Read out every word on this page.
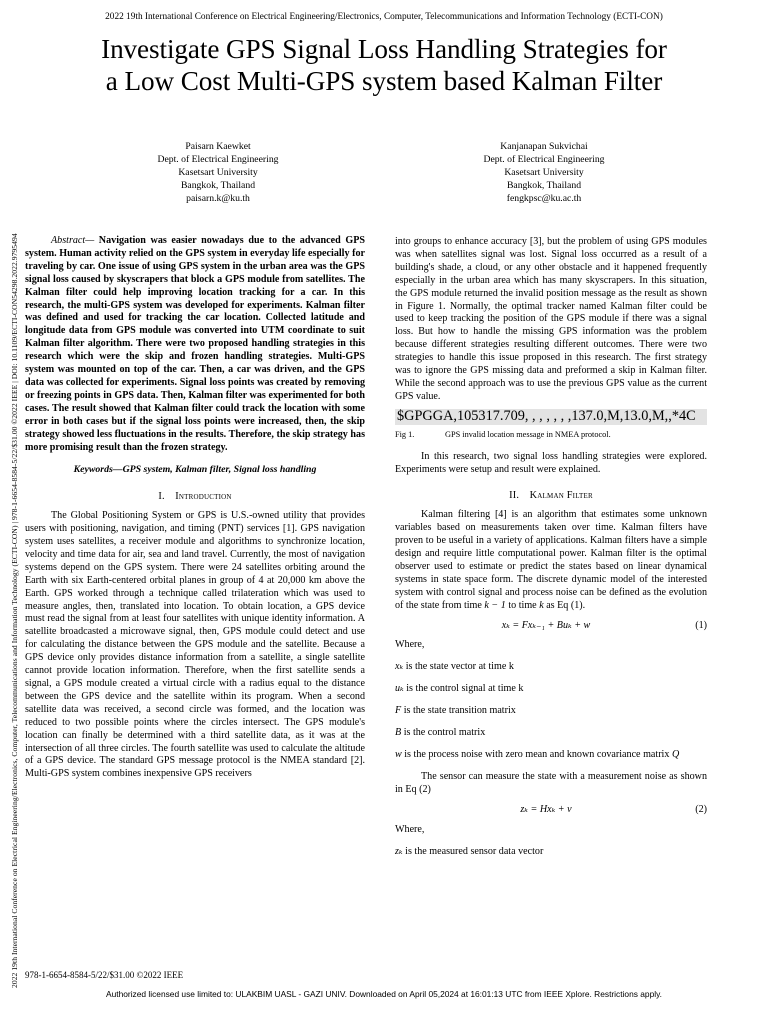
2022 19th International Conference on Electrical Engineering/Electronics, Computer, Telecommunications and Information Technology (ECTI-CON)
2022 19th International Conference on Electrical Engineering/Electronics, Computer, Telecommunications and Information Technology (ECTI-CON) | 978-1-6654-8584-5/22/$31.00 ©2022 IEEE | DOI: 10.1109/ECTI-CON54298.2022.9795494
Investigate GPS Signal Loss Handling Strategies for
a Low Cost Multi-GPS system based Kalman Filter
Paisarn Kaewket
Dept. of Electrical Engineering
Kasetsart University
Bangkok, Thailand
paisarn.k@ku.th
Kanjanapan Sukvichai
Dept. of Electrical Engineering
Kasetsart University
Bangkok, Thailand
fengkpsc@ku.ac.th

Abstract— Navigation was easier nowadays due to the advanced GPS system. Human activity relied on the GPS system in everyday life especially for traveling by car. One issue of using GPS system in the urban area was the GPS signal loss caused by skyscrapers that block a GPS module from satellites. The Kalman filter could help improving location tracking for a car. In this research, the multi-GPS system was developed for experiments. Kalman filter was defined and used for tracking the car location. Collected latitude and longitude data from GPS module was converted into UTM coordinate to suit Kalman filter algorithm. There were two proposed handling strategies in this research which were the skip and frozen handling strategies. Multi-GPS system was mounted on top of the car. Then, a car was driven, and the GPS data was collected for experiments. Signal loss points was created by removing or freezing points in GPS data. Then, Kalman filter was experimented for both cases. The result showed that Kalman filter could track the location with some error in both cases but if the signal loss points were increased, then, the skip strategy showed less fluctuations in the results. Therefore, the skip strategy has more promising result than the frozen strategy.

Keywords—GPS system, Kalman filter, Signal loss handling

I. Introduction

The Global Positioning System or GPS is U.S.-owned utility that provides users with positioning, navigation, and timing (PNT) services [1]. GPS navigation system uses satellites, a receiver module and algorithms to synchronize location, velocity and time data for air, sea and land travel. Currently, the most of navigation systems depend on the GPS system. There were 24 satellites orbiting around the Earth with six Earth-centered orbital planes in group of 4 at 20,000 km above the Earth. GPS worked through a technique called trilateration which was used to measure angles, then, translated into location. To obtain location, a GPS device must read the signal from at least four satellites with unique identity information. A satellite broadcasted a microwave signal, then, GPS module could detect and use for calculating the distance between the GPS module and the satellite. Because a GPS device only provides distance information from a satellite, a single satellite cannot provide location information. Therefore, when the first satellite sends a signal, a GPS module created a virtual circle with a radius equal to the distance between the GPS device and the satellite within its program. When a second satellite data was received, a second circle was formed, and the location was reduced to two possible points where the circles intersect. The GPS module's location can finally be determined with a third satellite data, as it was at the intersection of all three circles. The fourth satellite was used to calculate the altitude of a GPS device. The standard GPS message protocol is the NMEA standard [2]. Multi-GPS system combines inexpensive GPS receivers

into groups to enhance accuracy [3], but the problem of using GPS modules was when satellites signal was lost. Signal loss occurred as a result of a building's shade, a cloud, or any other obstacle and it happened frequently especially in the urban area which has many skyscrapers. In this situation, the GPS module returned the invalid position message as the result as shown in Figure 1. Normally, the optimal tracker named Kalman filter could be used to keep tracking the position of the GPS module if there was a signal loss. But how to handle the missing GPS information was the problem because different strategies resulting different outcomes. There were two strategies to handle this issue proposed in this research. The first strategy was to ignore the GPS missing data and preformed a skip in Kalman filter. While the second approach was to use the previous GPS value as the current GPS value.

$GPGGA,105317.709, , , , , , ,137.0,M,13.0,M,,*4C
Fig 1.	GPS invalid location message in NMEA protocol.

In this research, two signal loss handling strategies were explored. Experiments were setup and result were explained.

II. Kalman Filter

Kalman filtering [4] is an algorithm that estimates some unknown variables based on measurements taken over time. Kalman filters have proven to be useful in a variety of applications. Kalman filters have a simple design and require little computational power. Kalman filter is the optimal observer used to estimate or predict the states based on linear dynamical systems in state space form. The discrete dynamic model of the interested system with control signal and process noise can be defined as the evolution of the state from time k − 1 to time k as Eq (1).

xₖ = Fxₖ₋₁ + Buₖ + w	(1)

Where,

xₖ is the state vector at time k

uₖ is the control signal at time k

F is the state transition matrix

B is the control matrix

w is the process noise with zero mean and known covariance matrix Q

The sensor can measure the state with a measurement noise as shown in Eq (2)

zₖ = Hxₖ + v	(2)

Where,

zₖ is the measured sensor data vector

978-1-6654-8584-5/22/$31.00 ©2022 IEEE
Authorized licensed use limited to: ULAKBIM UASL - GAZI UNIV. Downloaded on April 05,2024 at 16:01:13 UTC from IEEE Xplore. Restrictions apply.
